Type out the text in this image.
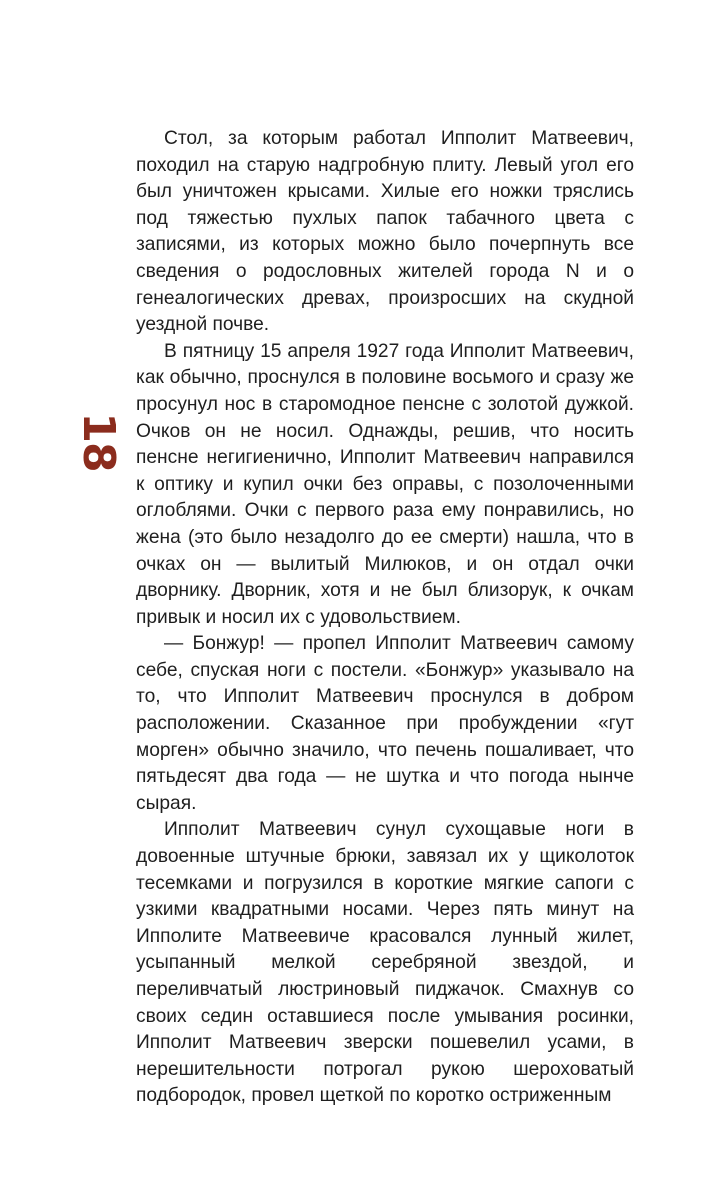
18

Стол, за которым работал Ипполит Матвеевич, походил на старую надгробную плиту. Левый угол его был уничтожен крысами. Хилые его ножки тряслись под тяжестью пухлых папок табачного цвета с записями, из которых можно было почерпнуть все сведения о родословных жителей города N и о генеалогических древах, произросших на скудной уездной почве.

В пятницу 15 апреля 1927 года Ипполит Матвеевич, как обычно, проснулся в половине восьмого и сразу же просунул нос в старомодное пенсне с золотой дужкой. Очков он не носил. Однажды, решив, что носить пенсне негигиенично, Ипполит Матвеевич направился к оптику и купил очки без оправы, с позолоченными оглоблями. Очки с первого раза ему понравились, но жена (это было незадолго до ее смерти) нашла, что в очках он — вылитый Милюков, и он отдал очки дворнику. Дворник, хотя и не был близорук, к очкам привык и носил их с удовольствием.

— Бонжур! — пропел Ипполит Матвеевич самому себе, спуская ноги с постели. «Бонжур» указывало на то, что Ипполит Матвеевич проснулся в добром расположении. Сказанное при пробуждении «гут морген» обычно значило, что печень пошаливает, что пятьдесят два года — не шутка и что погода нынче сырая.

Ипполит Матвеевич сунул сухощавые ноги в довоенные штучные брюки, завязал их у щиколоток тесемками и погрузился в короткие мягкие сапоги с узкими квадратными носами. Через пять минут на Ипполите Матвеевиче красовался лунный жилет, усыпанный мелкой серебряной звездой, и переливчатый люстриновый пиджачок. Смахнув со своих седин оставшиеся после умывания росинки, Ипполит Матвеевич зверски пошевелил усами, в нерешительности потрогал рукою шероховатый подбородок, провел щеткой по коротко остриженным
